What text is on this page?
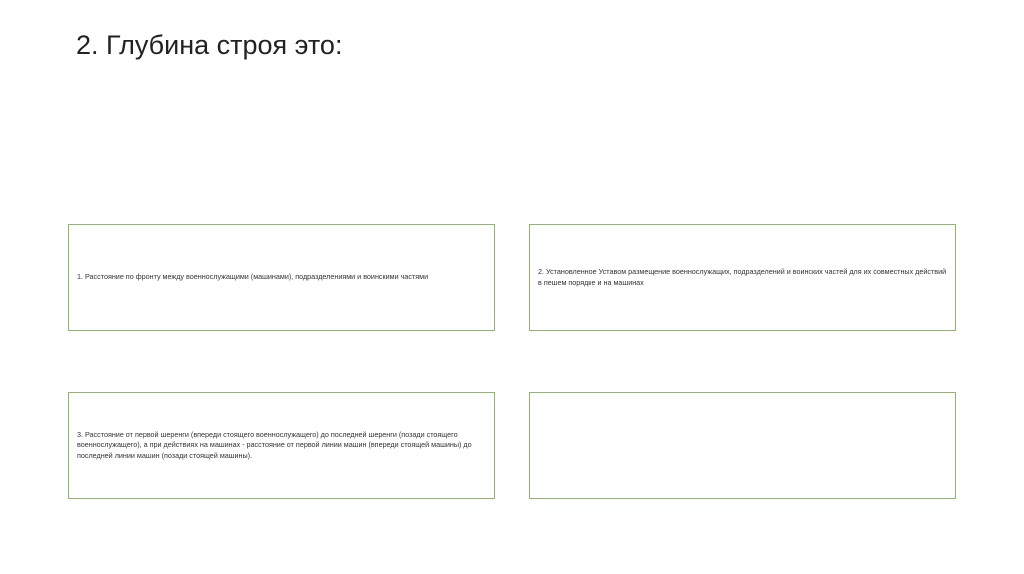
2. Глубина строя это:
1. Расстояние по фронту между военнослужащими (машинами), подразделениями и воинскими частями
2. Установленное Уставом размещение военнослужащих, подразделений и воинских частей для их совместных действий в пешем порядке и на машинах
3. Расстояние от первой шеренги (впереди стоящего военнослужащего) до последней шеренги (позади стоящего военнослужащего), а при действиях на машинах - расстояние от первой линии машин (впереди стоящей машины) до последней линии машин (позади стоящей машины).
